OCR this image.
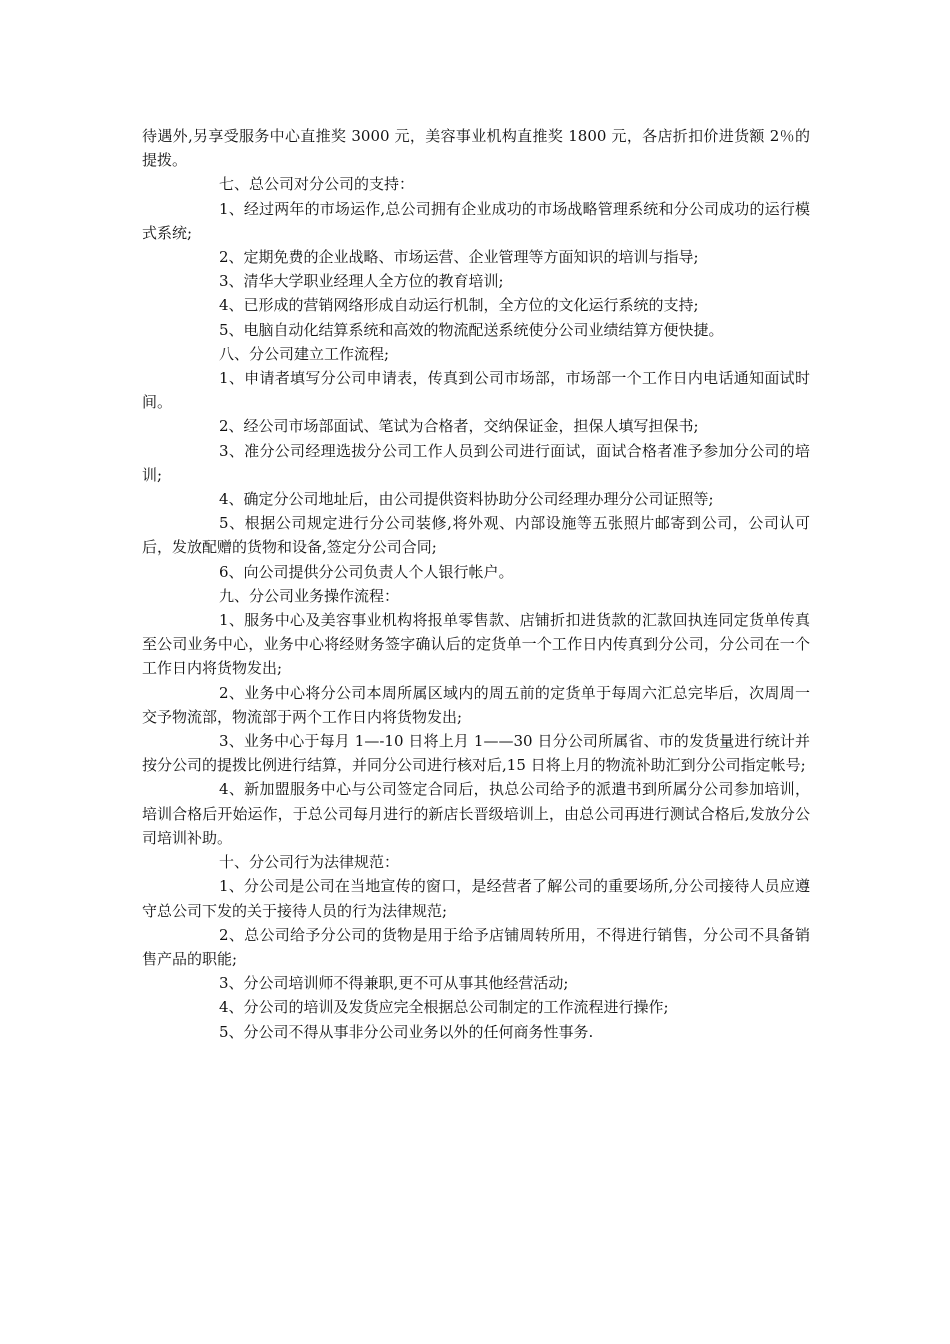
待遇外,另享受服务中心直推奖 3000 元，美容事业机构直推奖 1800 元，各店折扣价进货额 2％的提拨。

七、总公司对分公司的支持：

1、经过两年的市场运作,总公司拥有企业成功的市场战略管理系统和分公司成功的运行模式系统;

2、定期免费的企业战略、市场运营、企业管理等方面知识的培训与指导;

3、清华大学职业经理人全方位的教育培训;

4、已形成的营销网络形成自动运行机制，全方位的文化运行系统的支持;

5、电脑自动化结算系统和高效的物流配送系统使分公司业绩结算方便快捷。

八、分公司建立工作流程;

1、申请者填写分公司申请表，传真到公司市场部，市场部一个工作日内电话通知面试时间。

2、经公司市场部面试、笔试为合格者，交纳保证金，担保人填写担保书;

3、准分公司经理选拔分公司工作人员到公司进行面试，面试合格者准予参加分公司的培训;

4、确定分公司地址后，由公司提供资料协助分公司经理办理分公司证照等;

5、根据公司规定进行分公司装修,将外观、内部设施等五张照片邮寄到公司，公司认可后，发放配赠的货物和设备,签定分公司合同;

6、向公司提供分公司负责人个人银行帐户。

九、分公司业务操作流程：

1、服务中心及美容事业机构将报单零售款、店铺折扣进货款的汇款回执连同定货单传真至公司业务中心，业务中心将经财务签字确认后的定货单一个工作日内传真到分公司，分公司在一个工作日内将货物发出;

2、业务中心将分公司本周所属区域内的周五前的定货单于每周六汇总完毕后，次周周一交予物流部，物流部于两个工作日内将货物发出;

3、业务中心于每月 1—-10 日将上月 1——30 日分公司所属省、市的发货量进行统计并按分公司的提拨比例进行结算，并同分公司进行核对后,15 日将上月的物流补助汇到分公司指定帐号;

4、新加盟服务中心与公司签定合同后，执总公司给予的派遣书到所属分公司参加培训，培训合格后开始运作，于总公司每月进行的新店长晋级培训上，由总公司再进行测试合格后,发放分公司培训补助。

十、分公司行为法律规范：

1、分公司是公司在当地宣传的窗口，是经营者了解公司的重要场所,分公司接待人员应遵守总公司下发的关于接待人员的行为法律规范;

2、总公司给予分公司的货物是用于给予店铺周转所用，不得进行销售，分公司不具备销售产品的职能;

3、分公司培训师不得兼职,更不可从事其他经营活动;

4、分公司的培训及发货应完全根据总公司制定的工作流程进行操作;

5、分公司不得从事非分公司业务以外的任何商务性事务.
